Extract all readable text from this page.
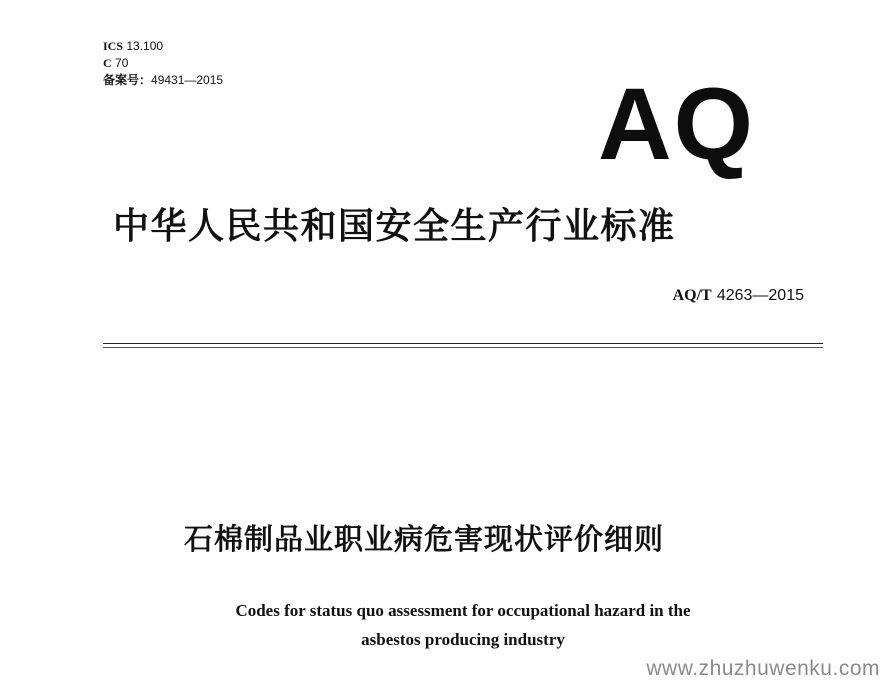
ICS 13.100
C 70
备案号：49431—2015	AQ
中华人民共和国安全生产行业标准
AQ/T 4263—2015
石棉制品业职业病危害现状评价细则
Codes for status quo assessment for occupational hazard in the
asbestos producing industry
www.zhuzhuwenku.com
